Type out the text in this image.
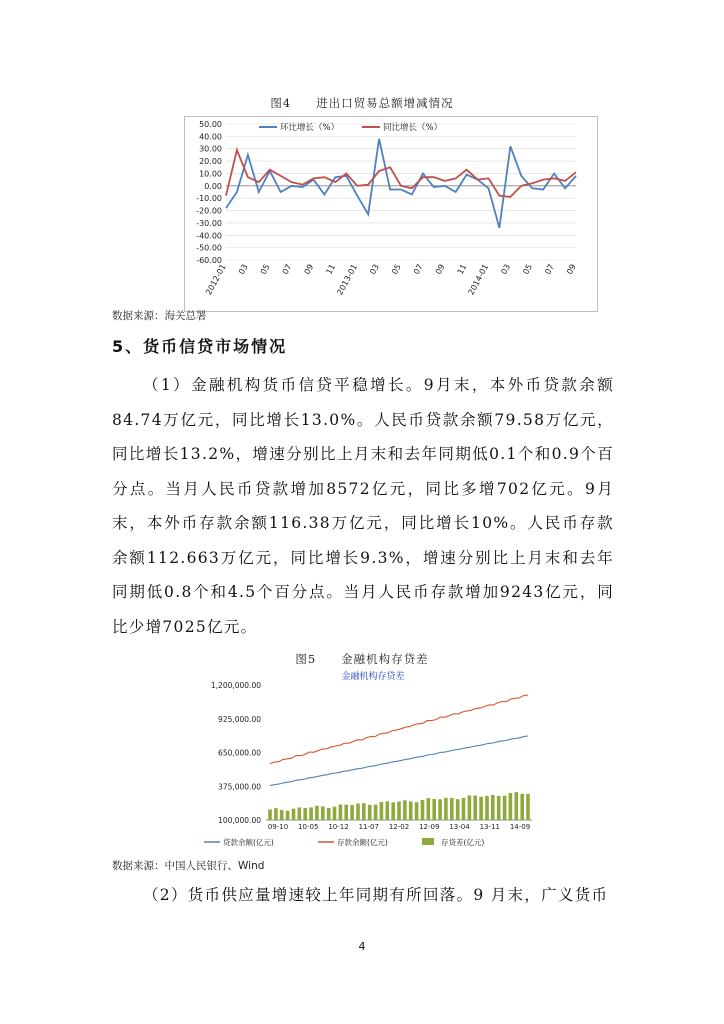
图4　　进出口贸易总额增减情况
50.00
40.00
30.00
20.00
10.00
0.00
-10.00
-20.00
-30.00
-40.00
-50.00
-60.00
2012-01 03 05 07 09 11
2013-01 03 05 07 09 11
2014-01 03 05 07 09
环比增长（%）	同比增长（%）
数据来源：海关总署
5、货币信贷市场情况

（1）金融机构货币信贷平稳增长。9月末，本外币贷款余额84.74万亿元，同比增长13.0%。人民币贷款余额79.58万亿元，同比增长13.2%，增速分别比上月末和去年同期低0.1个和0.9个百分点。当月人民币贷款增加8572亿元，同比多增702亿元。9月末，本外币存款余额116.38万亿元，同比增长10%。人民币存款余额112.663万亿元，同比增长9.3%，增速分别比上月末和去年同期低0.8个和4.5个百分点。当月人民币存款增加9243亿元，同比少增7025亿元。

图5　　金融机构存贷差
1,200,000.00
925,000.00
650,000.00
375,000.00
100,000.00
09-10 10-05 10-12 11-07 12-02 12-09 13-04 13-11 14-09
贷款余额(亿元)	存款余额(亿元)	存贷差(亿元)
金融机构存贷差
数据来源：中国人民银行、Wind

（2）货币供应量增速较上年同期有所回落。9 月末，广义货币

4
